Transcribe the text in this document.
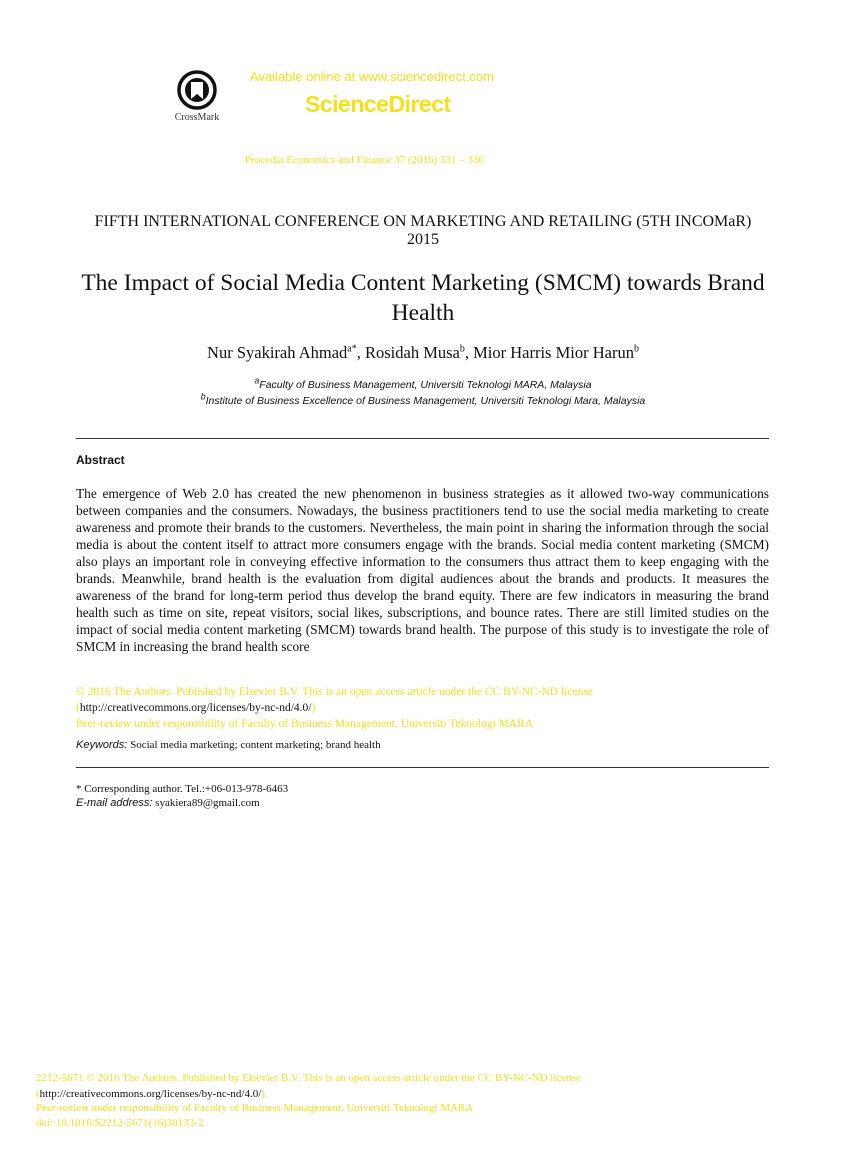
CrossMark
Available online at www.sciencedirect.com
ScienceDirect
Procedia Economics and Finance 37 (2016) 331 – 336
FIFTH INTERNATIONAL CONFERENCE ON MARKETING AND RETAILING (5TH INCOMaR) 2015
The Impact of Social Media Content Marketing (SMCM) towards Brand Health
Nur Syakirah Ahmad$^{a*}$, Rosidah Musa$^b$, Mior Harris Mior Harun$^b$
$^a$Faculty of Business Management, Universiti Teknologi MARA, Malaysia
$^b$Institute of Business Excellence of Business Management, Universiti Teknologi Mara, Malaysia
Abstract
The emergence of Web 2.0 has created the new phenomenon in business strategies as it allowed two-way communications between companies and the consumers. Nowadays, the business practitioners tend to use the social media marketing to create awareness and promote their brands to the customers. Nevertheless, the main point in sharing the information through the social media is about the content itself to attract more consumers engage with the brands. Social media content marketing (SMCM) also plays an important role in conveying effective information to the consumers thus attract them to keep engaging with the brands. Meanwhile, brand health is the evaluation from digital audiences about the brands and products. It measures the awareness of the brand for long-term period thus develop the brand equity. There are few indicators in measuring the brand health such as time on site, repeat visitors, social likes, subscriptions, and bounce rates. There are still limited studies on the impact of social media content marketing (SMCM) towards brand health. The purpose of this study is to investigate the role of SMCM in increasing the brand health score
© 2016 The Authors. Published by Elsevier B.V. This is an open access article under the CC BY-NC-ND license
(http://creativecommons.org/licenses/by-nc-nd/4.0/).
Peer-review under responsibility of Faculty of Business Management, Universiti Teknologi MARA
Keywords: Social media marketing; content marketing; brand health
* Corresponding author. Tel.:+06-013-978-6463
E-mail address: syakiera89@gmail.com
2212-5671 © 2016 The Authors. Published by Elsevier B.V. This is an open access article under the CC BY-NC-ND license
(http://creativecommons.org/licenses/by-nc-nd/4.0/).
Peer-review under responsibility of Faculty of Business Management, Universiti Teknologi MARA
doi: 10.1016/S2212-5671(16)30133-2
